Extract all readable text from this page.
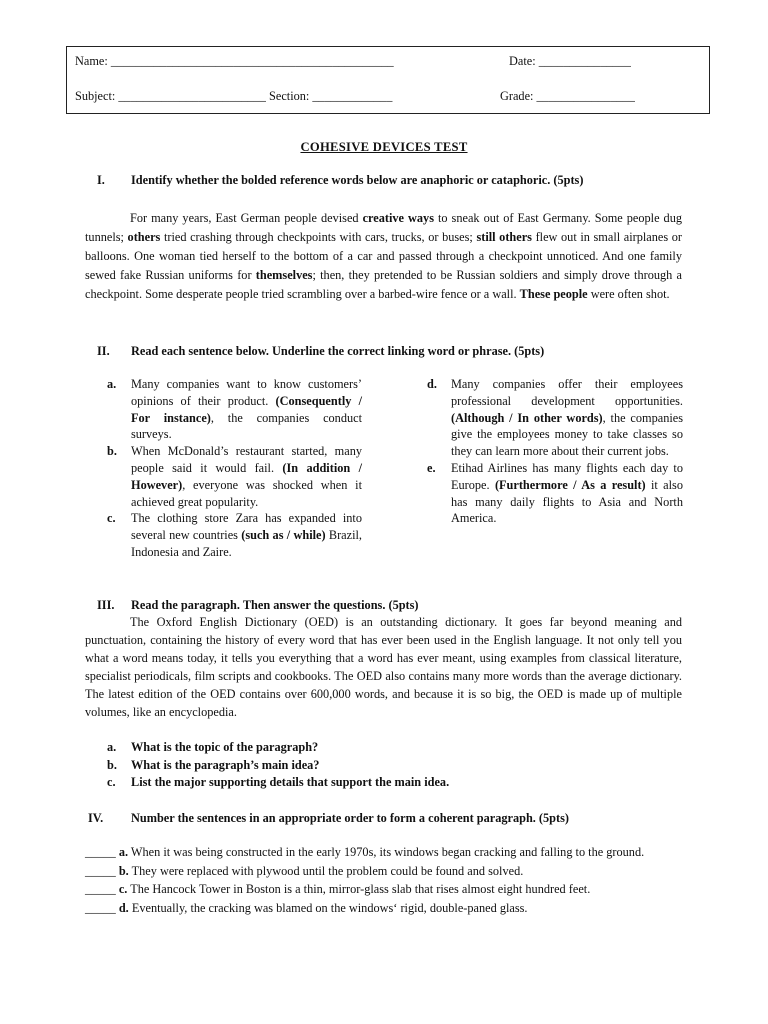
Name: ______________________________________________	Date: _______________
Subject: ________________________ Section: _____________	Grade: ________________
COHESIVE DEVICES TEST
I. Identify whether the bolded reference words below are anaphoric or cataphoric. (5pts)
For many years, East German people devised creative ways to sneak out of East Germany. Some people dug tunnels; others tried crashing through checkpoints with cars, trucks, or buses; still others flew out in small airplanes or balloons. One woman tied herself to the bottom of a car and passed through a checkpoint unnoticed. And one family sewed fake Russian uniforms for themselves; then, they pretended to be Russian soldiers and simply drove through a checkpoint. Some desperate people tried scrambling over a barbed-wire fence or a wall. These people were often shot.
II. Read each sentence below. Underline the correct linking word or phrase. (5pts)
a. Many companies want to know customers’ opinions of their product. (Consequently / For instance), the companies conduct surveys.
b. When McDonald’s restaurant started, many people said it would fail. (In addition / However), everyone was shocked when it achieved great popularity.
c. The clothing store Zara has expanded into several new countries (such as / while) Brazil, Indonesia and Zaire.
d. Many companies offer their employees professional development opportunities. (Although / In other words), the companies give the employees money to take classes so they can learn more about their current jobs.
e. Etihad Airlines has many flights each day to Europe. (Furthermore / As a result) it also has many daily flights to Asia and North America.
III. Read the paragraph. Then answer the questions. (5pts)
The Oxford English Dictionary (OED) is an outstanding dictionary. It goes far beyond meaning and punctuation, containing the history of every word that has ever been used in the English language. It not only tell you what a word means today, it tells you everything that a word has ever meant, using examples from classical literature, specialist periodicals, film scripts and cookbooks. The OED also contains many more words than the average dictionary. The latest edition of the OED contains over 600,000 words, and because it is so big, the OED is made up of multiple volumes, like an encyclopedia.
a. What is the topic of the paragraph?
b. What is the paragraph’s main idea?
c. List the major supporting details that support the main idea.
IV. Number the sentences in an appropriate order to form a coherent paragraph. (5pts)
_____ a. When it was being constructed in the early 1970s, its windows began cracking and falling to the ground.
_____ b. They were replaced with plywood until the problem could be found and solved.
_____ c. The Hancock Tower in Boston is a thin, mirror-glass slab that rises almost eight hundred feet.
_____ d. Eventually, the cracking was blamed on the windows‘ rigid, double-paned glass.
